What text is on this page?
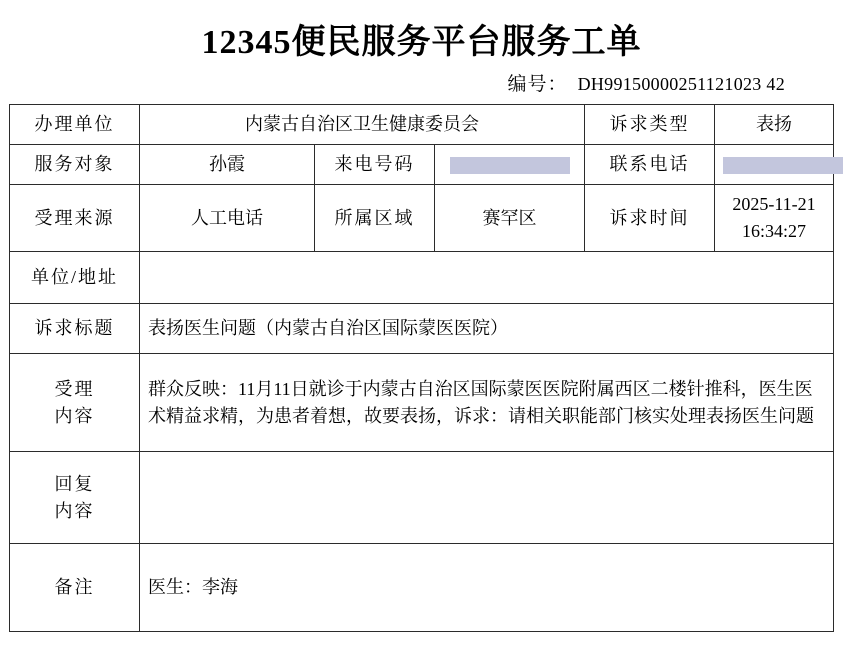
12345便民服务平台服务工单
编号： DH99150000251121023 42
办理单位	内蒙古自治区卫生健康委员会			诉求类型	表扬
服务对象	孙霞	来电号码		联系电话	
受理来源	人工电话	所属区域	赛罕区	诉求时间	2025-11-21
16:34:27

单位/地址					
诉求标题	表扬医生问题（内蒙古自治区国际蒙医医院）				

受理
内容	群众反映：11月11日就诊于内蒙古自治区国际蒙医医院附属西区二楼针推科，医生医术精益求精，为患者着想，故要表扬，诉求：请相关职能部门核实处理表扬医生问题				

回复
内容					

备注	医生：李海				
